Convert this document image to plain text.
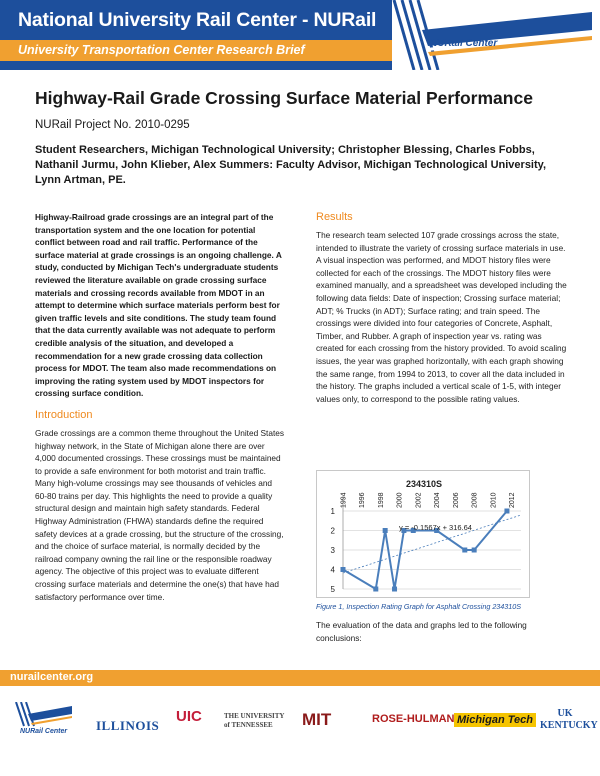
National University Rail Center - NURail
University Transportation Center Research Brief	NURail Center
Highway-Rail Grade Crossing Surface Material Performance
NURail Project No. 2010-0295
Student Researchers, Michigan Technological University; Christopher Blessing, Charles Fobbs, Nathanil Jurmu, John Klieber, Alex Summers: Faculty Advisor, Michigan Technological University, Lynn Artman, PE.

Highway-Railroad grade crossings are an integral part of the transportation system and the one location for potential conflict between road and rail traffic. Performance of the surface material at grade crossings is an ongoing challenge. A study, conducted by Michigan Tech's undergraduate students reviewed the literature available on grade crossing surface materials and crossing records available from MDOT in an attempt to determine which surface materials perform best for given traffic levels and site conditions. The study team found that the data currently available was not adequate to perform credible analysis of the situation, and developed a recommendation for a new grade crossing data collection process for MDOT. The team also made recommendations on improving the rating system used by MDOT inspectors for crossing surface condition.

Introduction

Grade crossings are a common theme throughout the United States highway network, in the State of Michigan alone there are over 4,000 documented crossings. These crossings must be maintained to provide a safe environment for both motorist and train traffic. Many high-volume crossings may see thousands of vehicles and 60-80 trains per day. This highlights the need to provide a quality structural design and maintain high safety standards. Federal Highway Administration (FHWA) standards define the required safety devices at a grade crossing, but the structure of the crossing, and the choice of surface material, is normally decided by the railroad company owning the rail line or the responsible roadway agency. The objective of this project was to evaluate different crossing surface materials and determine the one(s) that have had satisfactory performance over time.

Results

The research team selected 107 grade crossings across the state, intended to illustrate the variety of crossing surface materials in use. A visual inspection was performed, and MDOT history files were collected for each of the crossings. The MDOT history files were examined manually, and a spreadsheet was developed including the following data fields: Date of inspection; Crossing surface material; ADT; % Trucks (in ADT); Surface rating; and train speed. The crossings were divided into four categories of Concrete, Asphalt, Timber, and Rubber. A graph of inspection year vs. rating was created for each crossing from the history provided. To avoid scaling issues, the year was graphed horizontally, with each graph showing the same range, from 1994 to 2013, to cover all the data included in the history. The graphs included a vertical scale of 1-5, with integer values only, to correspond to the possible rating values.

234310S
1994 1996 1998 2000 2002 2004 2006 2008 2010 2012
1
2
3
4
5
y = -0.1567x + 316.64
Figure 1, Inspection Rating Graph for Asphalt Crossing 234310S

The evaluation of the data and graphs led to the following conclusions:

nurailcenter.org
NURail Center ILLINOIS
UIC	THE UNIVERSITY of TENNESSEE	MIT	ROSE-HULMAN Michigan Tech
UK KENTUCKY
